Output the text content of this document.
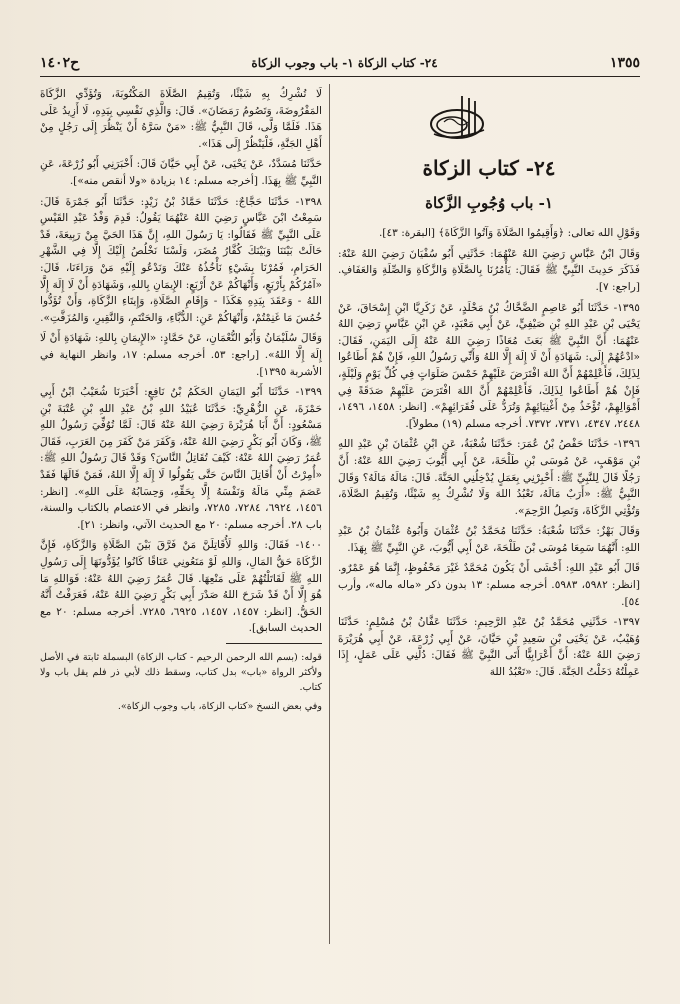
١٣٥٥
٢٤- كتاب الزكاة ١- باب وجوب الزكاة
ح١٤٠٢
٢٤- كتاب الزكاة
١- باب وُجُوبِ الزَّكاة

وَقَوْلِ الله تعالى: ﴿وَأَقِيمُوا الصَّلَاةَ وَآتُوا الزَّكَاةَ﴾ [البقرة: ٤٣].

وَقَالَ ابْنُ عَبَّاسٍ رَضِيَ اللهُ عَنْهُمَا: حَدَّثَنِي أَبُو سُفْيَانَ رَضِيَ اللهُ عَنْهُ: فَذَكَرَ حَدِيثَ النَّبِيِّ ﷺ فَقَالَ: يَأْمُرُنَا بِالصَّلَاةِ وَالزَّكَاةِ وَالصِّلَةِ وَالعَفَافِ. [راجع: ٧].

١٣٩٥- حَدَّثَنَا أَبُو عَاصِمٍ الضَّحَّاكُ بْنُ مَخْلَدٍ، عَنْ زَكَرِيَّا ابْنِ إِسْحَاقَ، عَنْ يَحْيَى بْنِ عَبْدِ اللهِ بْنِ صَيْفِيٍّ، عَنْ أَبِي مَعْبَدٍ، عَنِ ابْنِ عَبَّاسٍ رَضِيَ اللهُ عَنْهُمَا: أَنَّ النَّبِيَّ ﷺ بَعَثَ مُعَاذًا رَضِيَ اللهُ عَنْهُ إِلَى اليَمَنِ، فَقَالَ: «ادْعُهُمْ إِلَى: شَهَادَةِ أَنْ لَا إِلَهَ إِلَّا اللهُ وَأَنِّي رَسُولُ اللهِ، فَإِنْ هُمْ أَطَاعُوا لِذَلِكَ، فَأَعْلِمْهُمْ أَنَّ اللهَ افْتَرَضَ عَلَيْهِمْ خَمْسَ صَلَوَاتٍ فِي كُلِّ يَوْمٍ وَلَيْلَةٍ، فَإِنْ هُمْ أَطَاعُوا لِذَلِكَ، فَأَعْلِمْهُمْ أَنَّ اللهَ افْتَرَضَ عَلَيْهِمْ صَدَقَةً فِي أَمْوَالِهِمْ، تُؤْخَذُ مِنْ أَغْنِيَائِهِمْ وَتُرَدُّ عَلَى فُقَرَائِهِمْ». [انظر: ١٤٥٨، ١٤٩٦، ٢٤٤٨، ٤٣٤٧، ٧٣٧١، ٧٣٧٢. أخرجه مسلم (١٩) مطولاً].

١٣٩٦- حَدَّثَنَا حَفْصُ بْنُ عُمَرَ: حَدَّثَنَا شُعْبَةُ، عَنِ ابْنِ عُثْمَانَ بْنِ عَبْدِ اللهِ بْنِ مَوْهَبٍ، عَنْ مُوسَى بْنِ طَلْحَةَ، عَنْ أَبِي أَيُّوبَ رَضِيَ اللهُ عَنْهُ: أَنَّ رَجُلًا قَالَ لِلنَّبِيِّ ﷺ: أَخْبِرْنِي بِعَمَلٍ يُدْخِلُنِي الجَنَّةَ. قَالَ: مَالَهُ مَالَهُ؟ وَقَالَ النَّبِيُّ ﷺ: «أَرَبٌ مَالَهُ، تَعْبُدُ اللهَ وَلَا تُشْرِكُ بِهِ شَيْئًا، وَتُقِيمُ الصَّلَاةَ، وَتُؤْتِي الزَّكَاةَ، وَتَصِلُ الرَّحِمَ».

وَقَالَ بَهْزٌ: حَدَّثَنَا شُعْبَةُ: حَدَّثَنَا مُحَمَّدُ بْنُ عُثْمَانَ وَأَبُوهُ عُثْمَانُ بْنُ عَبْدِ اللهِ: أَنَّهُمَا سَمِعَا مُوسَى بْنَ طَلْحَةَ، عَنْ أَبِي أَيُّوبَ، عَنِ النَّبِيِّ ﷺ بِهَذَا.

قَالَ أَبُو عَبْدِ اللهِ: أَخْشَى أَنْ يَكُونَ مُحَمَّدٌ غَيْرَ مَحْفُوظٍ، إِنَّمَا هُوَ عَمْرٌو. [انظر: ٥٩٨٢، ٥٩٨٣. أخرجه مسلم: ١٣ بدون ذكر «ماله ماله»، وأرب ٥٤].

١٣٩٧- حَدَّثَنِي مُحَمَّدُ بْنُ عَبْدِ الرَّحِيمِ: حَدَّثَنَا عَفَّانُ بْنُ مُسْلِمٍ: حَدَّثَنَا وُهَيْبٌ، عَنْ يَحْيَى بْنِ سَعِيدِ بْنِ حَيَّانَ، عَنْ أَبِي زُرْعَةَ، عَنْ أَبِي هُرَيْرَةَ رَضِيَ اللهُ عَنْهُ: أَنَّ أَعْرَابِيًّا أَتَى النَّبِيَّ ﷺ فَقَالَ: دُلَّنِي عَلَى عَمَلٍ، إِذَا عَمِلْتُهُ دَخَلْتُ الجَنَّةَ. قَالَ: «تَعْبُدُ اللهَ

لَا تُشْرِكُ بِهِ شَيْئًا، وَتُقِيمُ الصَّلَاةَ المَكْتُوبَةَ، وَتُؤَدِّي الزَّكَاةَ المَفْرُوضَةَ، وَتَصُومُ رَمَضَانَ». قَالَ: وَالَّذِي نَفْسِي بِيَدِهِ، لَا أَزِيدُ عَلَى هَذَا. فَلَمَّا وَلَّى، قَالَ النَّبِيُّ ﷺ: «مَنْ سَرَّهُ أَنْ يَنْظُرَ إِلَى رَجُلٍ مِنْ أَهْلِ الجَنَّةِ، فَلْيَنْظُرْ إِلَى هَذَا».

حَدَّثَنَا مُسَدَّدٌ، عَنْ يَحْيَى، عَنْ أَبِي حَيَّانَ قَالَ: أَخْبَرَنِي أَبُو زُرْعَةَ، عَنِ النَّبِيِّ ﷺ بِهَذَا. [أخرجه مسلم: ١٤ بزيادة «ولا أنقص منه»].

١٣٩٨- حَدَّثَنَا حَجَّاجٌ: حَدَّثَنَا حَمَّادُ بْنُ زَيْدٍ: حَدَّثَنَا أَبُو جَمْرَةَ قَالَ: سَمِعْتُ ابْنَ عَبَّاسٍ رَضِيَ اللهُ عَنْهُمَا يَقُولُ: قَدِمَ وَفْدُ عَبْدِ القَيْسِ عَلَى النَّبِيِّ ﷺ فَقَالُوا: يَا رَسُولَ اللهِ، إِنَّ هَذَا الحَيَّ مِنْ رَبِيعَةَ، قَدْ حَالَتْ بَيْنَنَا وَبَيْنَكَ كُفَّارُ مُضَرَ، وَلَسْنَا نَخْلُصُ إِلَيْكَ إِلَّا فِي الشَّهْرِ الحَرَامِ، فَمُرْنَا بِشَيْءٍ نَأْخُذُهُ عَنْكَ وَنَدْعُو إِلَيْهِ مَنْ وَرَاءَنَا، قَالَ: «آمُرُكُمْ بِأَرْبَعٍ، وَأَنْهَاكُمْ عَنْ أَرْبَعٍ: الإِيمَانِ بِاللهِ، وَشَهَادَةِ أَنْ لَا إِلَهَ إِلَّا اللهُ - وَعَقَدَ بِيَدِهِ هَكَذَا - وَإِقَامِ الصَّلَاةِ، وَإِيتَاءِ الزَّكَاةِ، وَأَنْ تُؤَدُّوا خُمُسَ مَا غَنِمْتُمْ، وَأَنْهَاكُمْ عَنِ: الدُّبَّاءِ، وَالحَنْتَمِ، وَالنَّقِيرِ، وَالمُزَفَّتِ».

وَقَالَ سُلَيْمَانُ وَأَبُو النُّعْمَانِ، عَنْ حَمَّادٍ: «الإِيمَانِ بِاللهِ: شَهَادَةِ أَنْ لَا إِلَهَ إِلَّا اللهُ». [راجع: ٥٣. أخرجه مسلم: ١٧، وانظر النهاية في الأشربة ١٣٩٥].

١٣٩٩- حَدَّثَنَا أَبُو اليَمَانِ الحَكَمُ بْنُ نَافِعٍ: أَخْبَرَنَا شُعَيْبُ ابْنُ أَبِي حَمْزَةَ، عَنِ الزُّهْرِيِّ: حَدَّثَنَا عُبَيْدُ اللهِ بْنُ عَبْدِ اللهِ بْنِ عُتْبَةَ بْنِ مَسْعُودٍ: أَنَّ أَبَا هُرَيْرَةَ رَضِيَ اللهُ عَنْهُ قَالَ: لَمَّا تُوُفِّيَ رَسُولُ اللهِ ﷺ، وَكَانَ أَبُو بَكْرٍ رَضِيَ اللهُ عَنْهُ، وَكَفَرَ مَنْ كَفَرَ مِنَ العَرَبِ، فَقَالَ عُمَرُ رَضِيَ اللهُ عَنْهُ: كَيْفَ تُقَاتِلُ النَّاسَ؟ وَقَدْ قَالَ رَسُولُ اللهِ ﷺ: «أُمِرْتُ أَنْ أُقَاتِلَ النَّاسَ حَتَّى يَقُولُوا لَا إِلَهَ إِلَّا اللهُ، فَمَنْ قَالَهَا فَقَدْ عَصَمَ مِنِّي مَالَهُ وَنَفْسَهُ إِلَّا بِحَقِّهِ، وَحِسَابُهُ عَلَى اللهِ». [انظر: ١٤٥٦، ٦٩٢٤، ٧٢٨٤، ٧٢٨٥، وانظر في الاعتصام بالكتاب والسنة، باب ٢٨. أخرجه مسلم: ٢٠ مع الحديث الآتي، وانظر: ٢١].

١٤٠٠- فَقَالَ: وَاللهِ لَأُقَاتِلَنَّ مَنْ فَرَّقَ بَيْنَ الصَّلَاةِ وَالزَّكَاةِ، فَإِنَّ الزَّكَاةَ حَقُّ المَالِ، وَاللهِ لَوْ مَنَعُونِي عَنَاقًا كَانُوا يُؤَدُّونَهَا إِلَى رَسُولِ اللهِ ﷺ لَقَاتَلْتُهُمْ عَلَى مَنْعِهَا. قَالَ عُمَرُ رَضِيَ اللهُ عَنْهُ: فَوَاللهِ مَا هُوَ إِلَّا أَنْ قَدْ شَرَحَ اللهُ صَدْرَ أَبِي بَكْرٍ رَضِيَ اللهُ عَنْهُ، فَعَرَفْتُ أَنَّهُ الحَقُّ. [انظر: ١٤٥٧، ١٤٥٧، ٦٩٢٥، ٧٢٨٥. أخرجه مسلم: ٢٠ مع الحديث السابق].

قوله: (بسم الله الرحمن الرحيم - كتاب الزكاة) البسملة ثابتة في الأصل ولأكثر الرواة «باب» بدل كتاب، وسقط ذلك لأبي ذر فلم يقل باب ولا كتاب.

وفي بعض النسخ «كتاب الزكاة، باب وجوب الزكاة».
